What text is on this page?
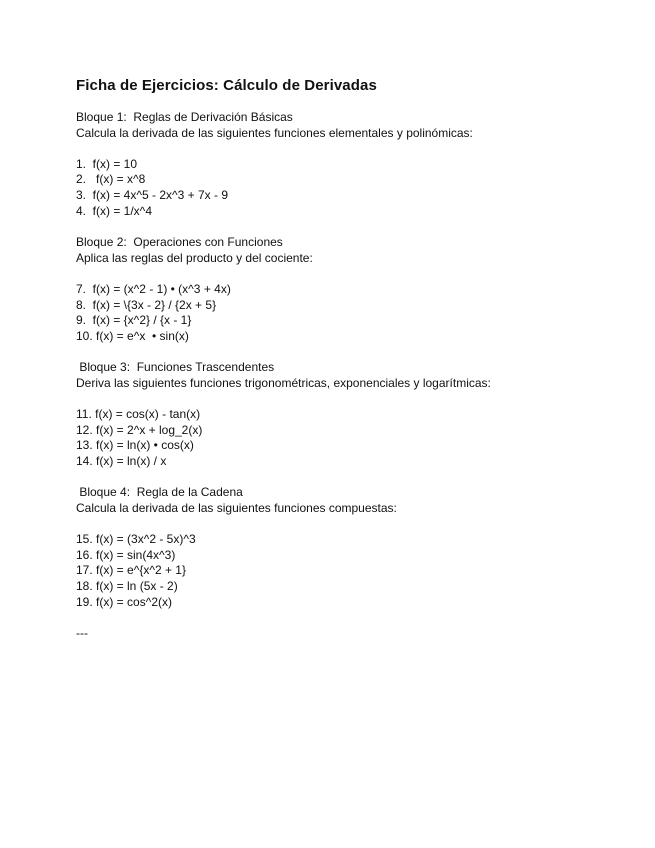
Ficha de Ejercicios: Cálculo de Derivadas

Bloque 1:  Reglas de Derivación Básicas

Calcula la derivada de las siguientes funciones elementales y polinómicas:

1.  f(x) = 10
2.   f(x) = x^8
3.  f(x) = 4x^5 - 2x^3 + 7x - 9
4.  f(x) = 1/x^4

Bloque 2:  Operaciones con Funciones

Aplica las reglas del producto y del cociente:

7.  f(x) = (x^2 - 1) • (x^3 + 4x)
8.  f(x) = \{3x - 2} / {2x + 5}
9.  f(x) = {x^2} / {x - 1}
10. f(x) = e^x  • sin(x)

Bloque 3:  Funciones Trascendentes

Deriva las siguientes funciones trigonométricas, exponenciales y logarítmicas:

11. f(x) = cos(x) - tan(x)
12. f(x) = 2^x + log_2(x)
13. f(x) = ln(x) • cos(x)
14. f(x) = ln(x) / x

Bloque 4:  Regla de la Cadena

Calcula la derivada de las siguientes funciones compuestas:

15. f(x) = (3x^2 - 5x)^3
16. f(x) = sin(4x^3)
17. f(x) = e^{x^2 + 1}
18. f(x) = ln (5x - 2)
19. f(x) = cos^2(x)
---
